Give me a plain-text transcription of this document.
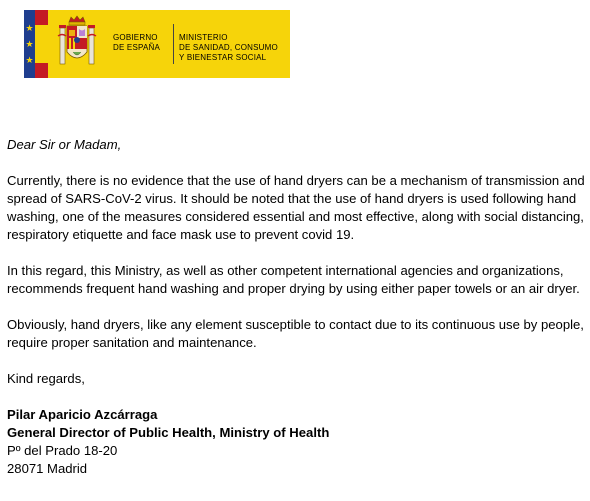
★
★
★
GOBIERNO
DE ESPAÑA
MINISTERIO
DE SANIDAD, CONSUMO
Y BIENESTAR SOCIAL

Dear Sir or Madam,

Currently, there is no evidence that the use of hand dryers can be a mechanism of transmission and spread of SARS-CoV-2 virus. It should be noted that the use of hand dryers is used following hand washing, one of the measures considered essential and most effective, along with social distancing, respiratory etiquette and face mask use to prevent covid 19.

In this regard, this Ministry, as well as other competent international agencies and organizations, recommends frequent hand washing and proper drying by using either paper towels or an air dryer.

Obviously, hand dryers, like any element susceptible to contact due to its continuous use by people, require proper sanitation and maintenance.

Kind regards,

Pilar Aparicio Azcárraga

General Director of Public Health, Ministry of Health

Pº del Prado 18-20

28071 Madrid
